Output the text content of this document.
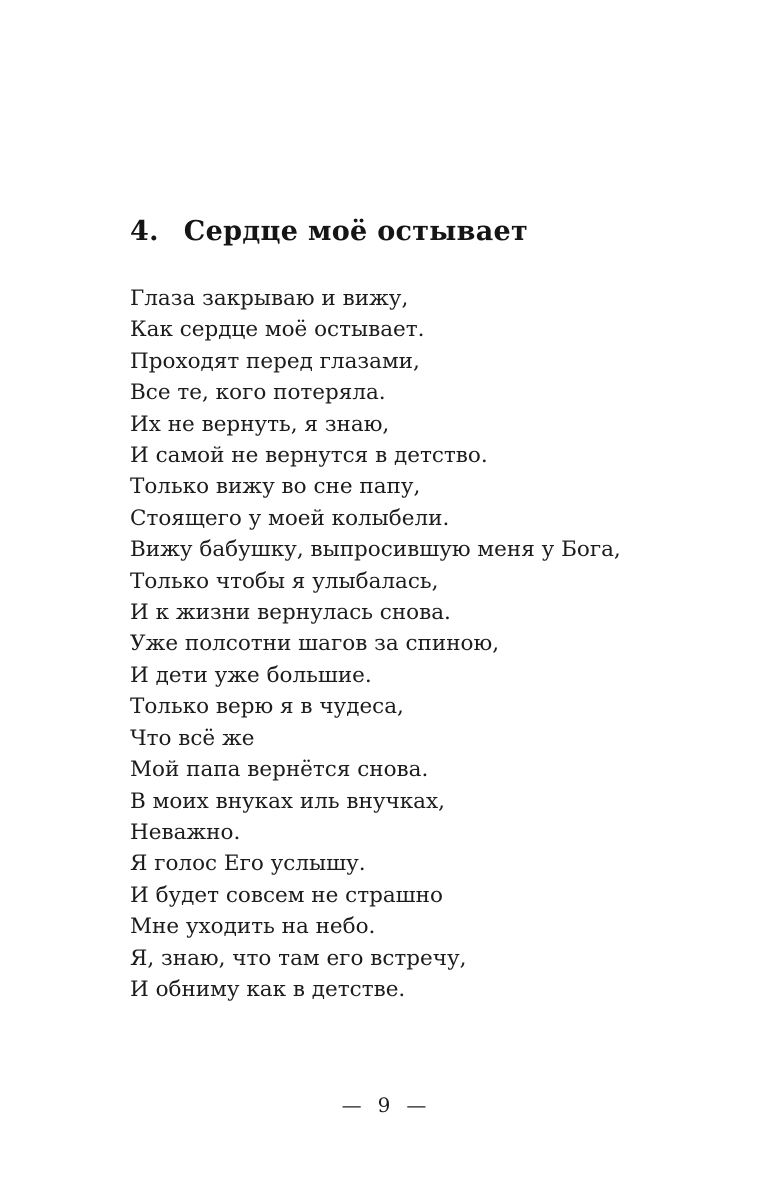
4. Сердце моё остывает
Глаза закрываю и вижу,
Как сердце моё остывает.
Проходят перед глазами,
Все те, кого потеряла.
Их не вернуть, я знаю,
И самой не вернутся в детство.
Только вижу во сне папу,
Стоящего у моей колыбели.
Вижу бабушку, выпросившую меня у Бога,
Только чтобы я улыбалась,
И к жизни вернулась снова.
Уже полсотни шагов за спиною,
И дети уже большие.
Только верю я в чудеса,
Что всё же
Мой папа вернётся снова.
В моих внуках иль внучках,
Неважно.
Я голос Его услышу.
И будет совсем не страшно
Мне уходить на небо.
Я, знаю, что там его встречу,
И обниму как в детстве.
— 9 —
